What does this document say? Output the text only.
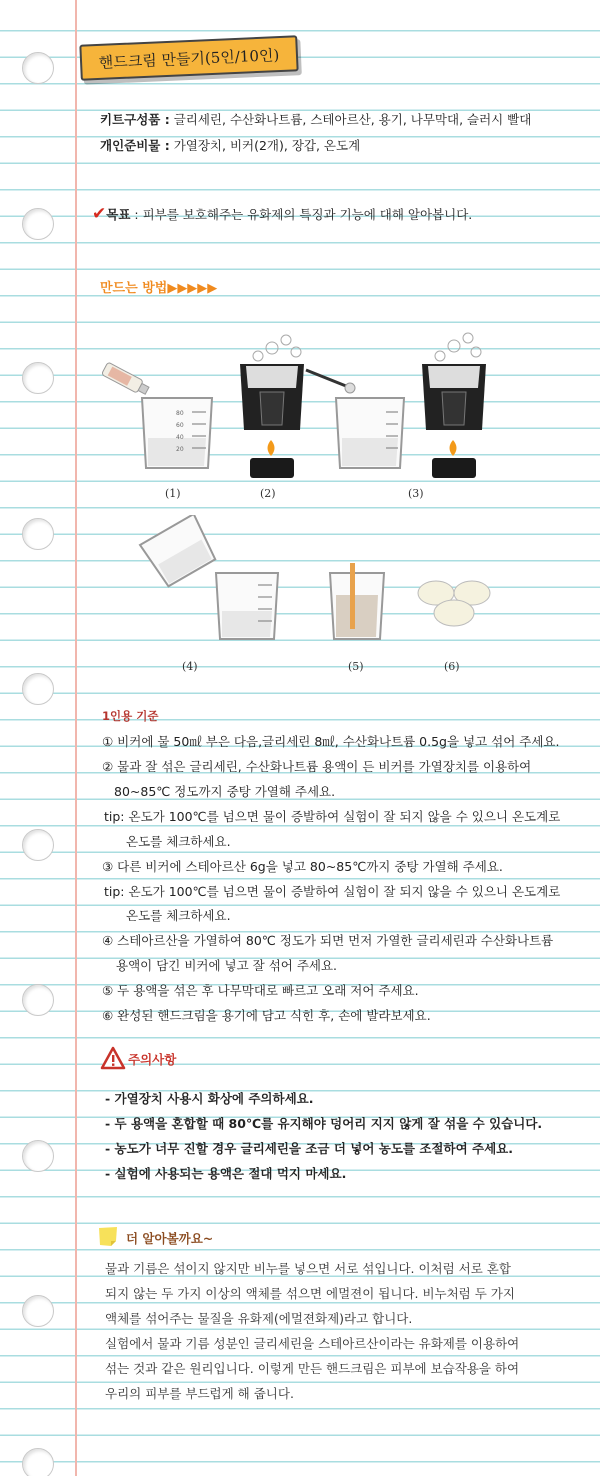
핸드크림 만들기(5인/10인)
키트구성품 : 글리세린, 수산화나트륨, 스테아르산, 용기, 나무막대, 슬러시 빨대
개인준비물 : 가열장치, 비커(2개), 장갑, 온도계
✔목표 : 피부를 보호해주는 유화제의 특징과 기능에 대해 알아봅니다.
만드는 방법▶▶▶▶▶
80
60
40
20
(1)	(2)	(3)
(4)	(5)	(6)
1인용 기준
① 비커에 물 50㎖ 부은 다음,글리세린 8㎖, 수산화나트륨 0.5g을 넣고 섞어 주세요.
② 물과 잘 섞은 글리세린, 수산화나트륨 용액이 든 비커를 가열장치를 이용하여
80~85℃ 정도까지 중탕 가열해 주세요.
tip: 온도가 100℃를 넘으면 물이 증발하여 실험이 잘 되지 않을 수 있으니 온도계로
온도를 체크하세요.
③ 다른 비커에 스테아르산 6g을 넣고 80~85℃까지 중탕 가열해 주세요.
tip: 온도가 100℃를 넘으면 물이 증발하여 실험이 잘 되지 않을 수 있으니 온도계로
온도를 체크하세요.
④ 스테아르산을 가열하여 80℃ 정도가 되면 먼저 가열한 글리세린과 수산화나트륨
용액이 담긴 비커에 넣고 잘 섞어 주세요.
⑤ 두 용액을 섞은 후 나무막대로 빠르고 오래 저어 주세요.
⑥ 완성된 핸드크림을 용기에 담고 식힌 후, 손에 발라보세요.
주의사항
- 가열장치 사용시 화상에 주의하세요.
- 두 용액을 혼합할 때 80℃를 유지해야 덩어리 지지 않게 잘 섞을 수 있습니다.
- 농도가 너무 진할 경우 글리세린을 조금 더 넣어 농도를 조절하여 주세요.
- 실험에 사용되는 용액은 절대 먹지 마세요.
더 알아볼까요~
물과 기름은 섞이지 않지만 비누를 넣으면 서로 섞입니다. 이처럼 서로 혼합
되지 않는 두 가지 이상의 액체를 섞으면 에멀젼이 됩니다. 비누처럼 두 가지
액체를 섞어주는 물질을 유화제(에멀젼화제)라고 합니다.
실험에서 물과 기름 성분인 글리세린을 스테아르산이라는 유화제를 이용하여
섞는 것과 같은 원리입니다. 이렇게 만든 핸드크림은 피부에 보습작용을 하여
우리의 피부를 부드럽게 해 줍니다.
